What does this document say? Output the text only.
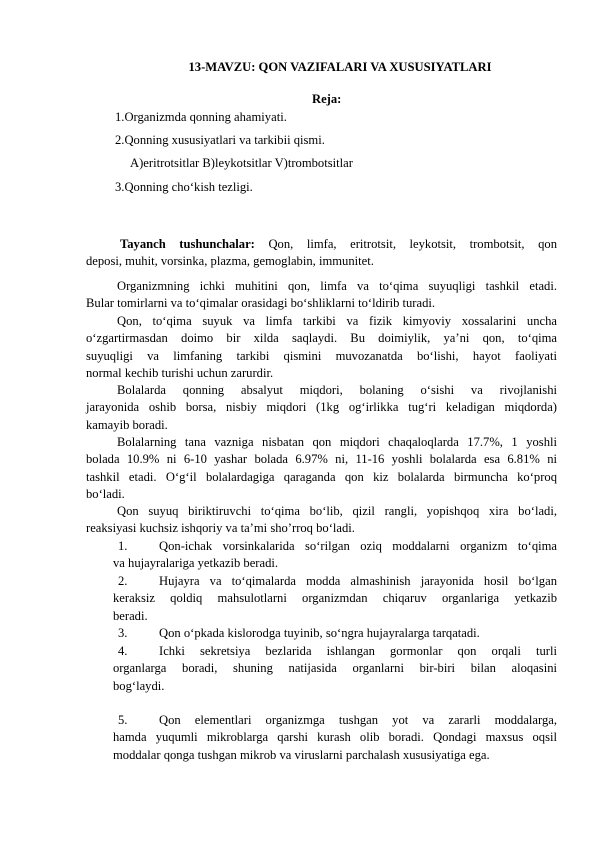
13-MAVZU: QON VAZIFALARI VA XUSUSIYATLARI
Reja:
1.Organizmda qonning ahamiyati.
2.Qonning xususiyatlari va tarkibii qismi.
A)eritrotsitlar B)leykotsitlar V)trombotsitlar
3.Qonning cho‘kish tezligi.
Tayanch tushunchalar: Qon, limfa, eritrotsit, leykotsit, trombotsit, qon
deposi, muhit, vorsinka, plazma, gemoglabin, immunitet.
Organizmning ichki muhitini qon, limfa va to‘qima suyuqligi tashkil etadi.
Bular tomirlarni va to‘qimalar orasidagi bo‘shliklarni to‘ldirib turadi.
Qon, to‘qima suyuk va limfa tarkibi va fizik kimyoviy xossalarini uncha
o‘zgartirmasdan doimo bir xilda saqlaydi. Bu doimiylik, ya’ni qon, to‘qima
suyuqligi va limfaning tarkibi qismini muvozanatda bo‘lishi, hayot faoliyati
normal kechib turishi uchun zarurdir.
Bolalarda qonning absalyut miqdori, bolaning o‘sishi va rivojlanishi
jarayonida oshib borsa, nisbiy miqdori (1kg og‘irlikka tug‘ri keladigan miqdorda)
kamayib boradi.
Bolalarning tana vazniga nisbatan qon miqdori chaqaloqlarda 17.7%, 1 yoshli
bolada 10.9% ni 6-10 yashar bolada 6.97% ni, 11-16 yoshli bolalarda esa 6.81% ni
tashkil etadi. O‘g‘il bolalardagiga qaraganda qon kiz bolalarda birmuncha ko‘proq
bo‘ladi.
Qon suyuq biriktiruvchi to‘qima bo‘lib, qizil rangli, yopishqoq xira bo‘ladi,
reaksiyasi kuchsiz ishqoriy va ta’mi sho’rroq bo‘ladi.
1.	Qon-ichak vorsinkalarida so‘rilgan oziq moddalarni organizm to‘qima
va hujayralariga yetkazib beradi.
2.	Hujayra va to‘qimalarda modda almashinish jarayonida hosil bo‘lgan
keraksiz qoldiq mahsulotlarni organizmdan chiqaruv organlariga yetkazib
beradi.
3.	Qon o‘pkada kislorodga tuyinib, so‘ngra hujayralarga tarqatadi.
4.	Ichki sekretsiya bezlarida ishlangan gormonlar qon orqali turli
organlarga boradi, shuning natijasida organlarni bir-biri bilan aloqasini
bog‘laydi.
5.	Qon elementlari organizmga tushgan yot va zararli moddalarga,
hamda yuqumli mikroblarga qarshi kurash olib boradi. Qondagi maxsus oqsil
moddalar qonga tushgan mikrob va viruslarni parchalash xususiyatiga ega.
